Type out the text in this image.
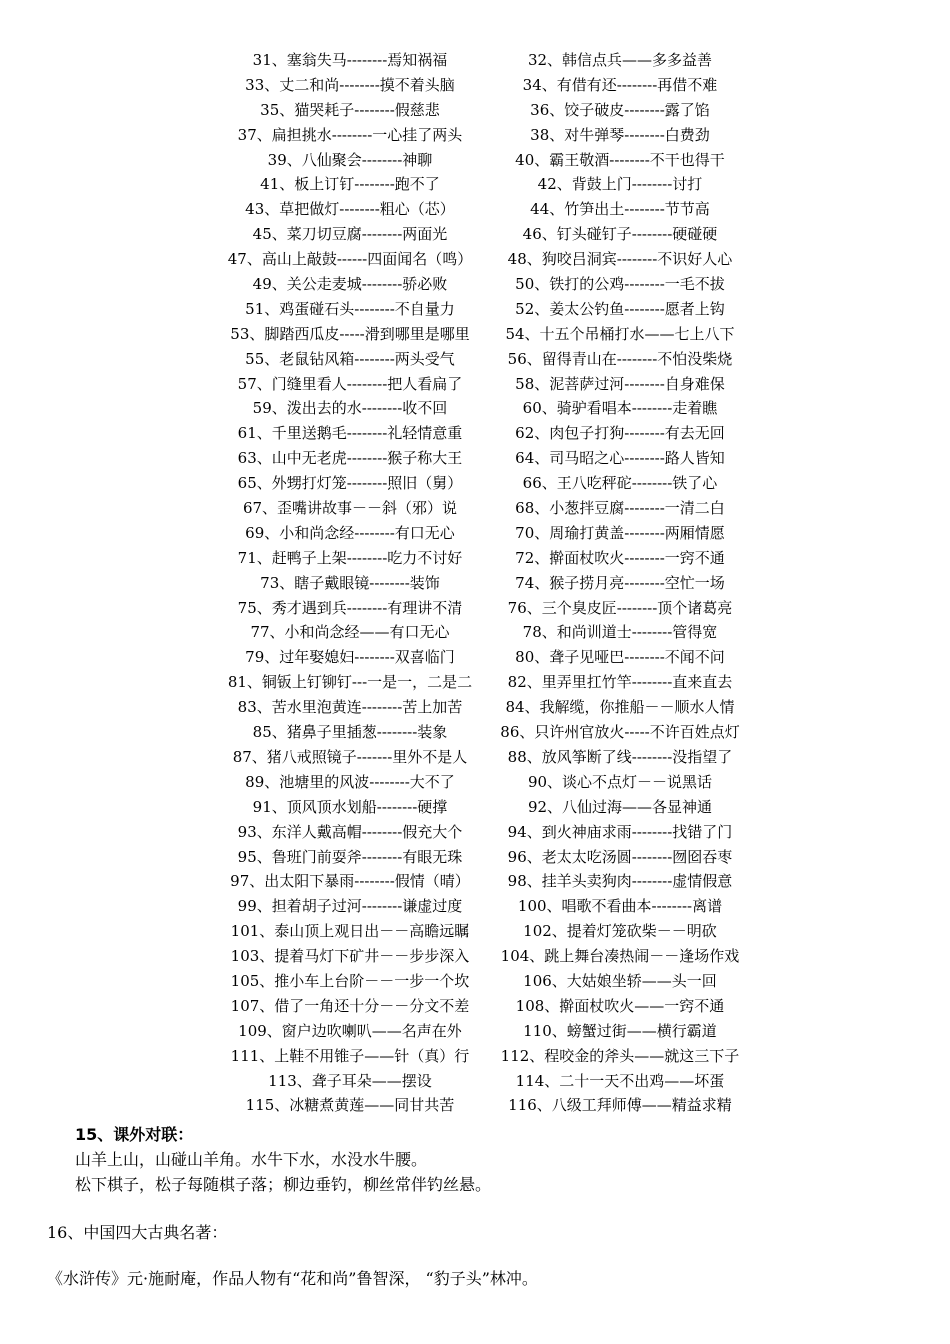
31、塞翁失马--------焉知祸福	32、韩信点兵——多多益善
33、丈二和尚--------摸不着头脑	34、有借有还--------再借不难
35、猫哭耗子--------假慈悲	36、饺子破皮--------露了馅
37、扁担挑水--------一心挂了两头	38、对牛弹琴--------白费劲
39、八仙聚会--------神聊	40、霸王敬酒--------不干也得干
41、板上订钉--------跑不了	42、背鼓上门--------讨打
43、草把做灯--------粗心（芯）	44、竹笋出土--------节节高
45、菜刀切豆腐--------两面光	46、钉头碰钉子--------硬碰硬
47、高山上敲鼓------四面闻名（鸣）	48、狗咬吕洞宾--------不识好人心
49、关公走麦城--------骄必败	50、铁打的公鸡--------一毛不拔
51、鸡蛋碰石头--------不自量力	52、姜太公钓鱼--------愿者上钩
53、脚踏西瓜皮-----滑到哪里是哪里	54、十五个吊桶打水——七上八下
55、老鼠钻风箱--------两头受气	56、留得青山在--------不怕没柴烧
57、门缝里看人--------把人看扁了	58、泥菩萨过河--------自身难保
59、泼出去的水--------收不回	60、骑驴看唱本--------走着瞧
61、千里送鹅毛--------礼轻情意重	62、肉包子打狗--------有去无回
63、山中无老虎--------猴子称大王	64、司马昭之心--------路人皆知
65、外甥打灯笼--------照旧（舅）	66、王八吃秤砣--------铁了心
67、歪嘴讲故事－－斜（邪）说	68、小葱拌豆腐--------一清二白
69、小和尚念经--------有口无心	70、周瑜打黄盖--------两厢情愿
71、赶鸭子上架--------吃力不讨好	72、擀面杖吹火--------一窍不通
73、瞎子戴眼镜--------装饰	74、猴子捞月亮--------空忙一场
75、秀才遇到兵--------有理讲不清	76、三个臭皮匠--------顶个诸葛亮
77、小和尚念经——有口无心	78、和尚训道士--------管得宽
79、过年娶媳妇--------双喜临门	80、聋子见哑巴--------不闻不问
81、铜钣上钉铆钉---一是一，二是二	82、里弄里扛竹竿--------直来直去
83、苦水里泡黄连--------苦上加苦	84、我解缆，你推船－－顺水人情
85、猪鼻子里插葱--------装象	86、只许州官放火-----不许百姓点灯
87、猪八戒照镜子-------里外不是人	88、放风筝断了线--------没指望了
89、池塘里的风波--------大不了	90、谈心不点灯－－说黑话
91、顶风顶水划船--------硬撑	92、八仙过海——各显神通
93、东洋人戴高帽--------假充大个	94、到火神庙求雨--------找错了门
95、鲁班门前耍斧--------有眼无珠	96、老太太吃汤圆--------囫囵吞枣
97、出太阳下暴雨--------假情（晴）	98、挂羊头卖狗肉--------虚情假意
99、担着胡子过河--------谦虚过度	100、唱歌不看曲本--------离谱
101、泰山顶上观日出－－高瞻远瞩	102、提着灯笼砍柴－－明砍
103、提着马灯下矿井－－步步深入	104、跳上舞台凑热闹－－逢场作戏
105、推小车上台阶－－一步一个坎	106、大姑娘坐轿——头一回
107、借了一角还十分－－分文不差	108、擀面杖吹火——一窍不通
109、窗户边吹喇叭——名声在外	110、螃蟹过街——横行霸道
111、上鞋不用锥子——针（真）行	112、程咬金的斧头——就这三下子
113、聋子耳朵——摆设	114、二十一天不出鸡——坏蛋
115、冰糖煮黄莲——同甘共苦	116、八级工拜师傅——精益求精
15、课外对联：
山羊上山，山碰山羊角。水牛下水，水没水牛腰。
松下棋子，松子每随棋子落；柳边垂钓，柳丝常伴钓丝悬。
16、中国四大古典名著：
《水浒传》元·施耐庵，作品人物有“花和尚”鲁智深， “豹子头”林冲。
